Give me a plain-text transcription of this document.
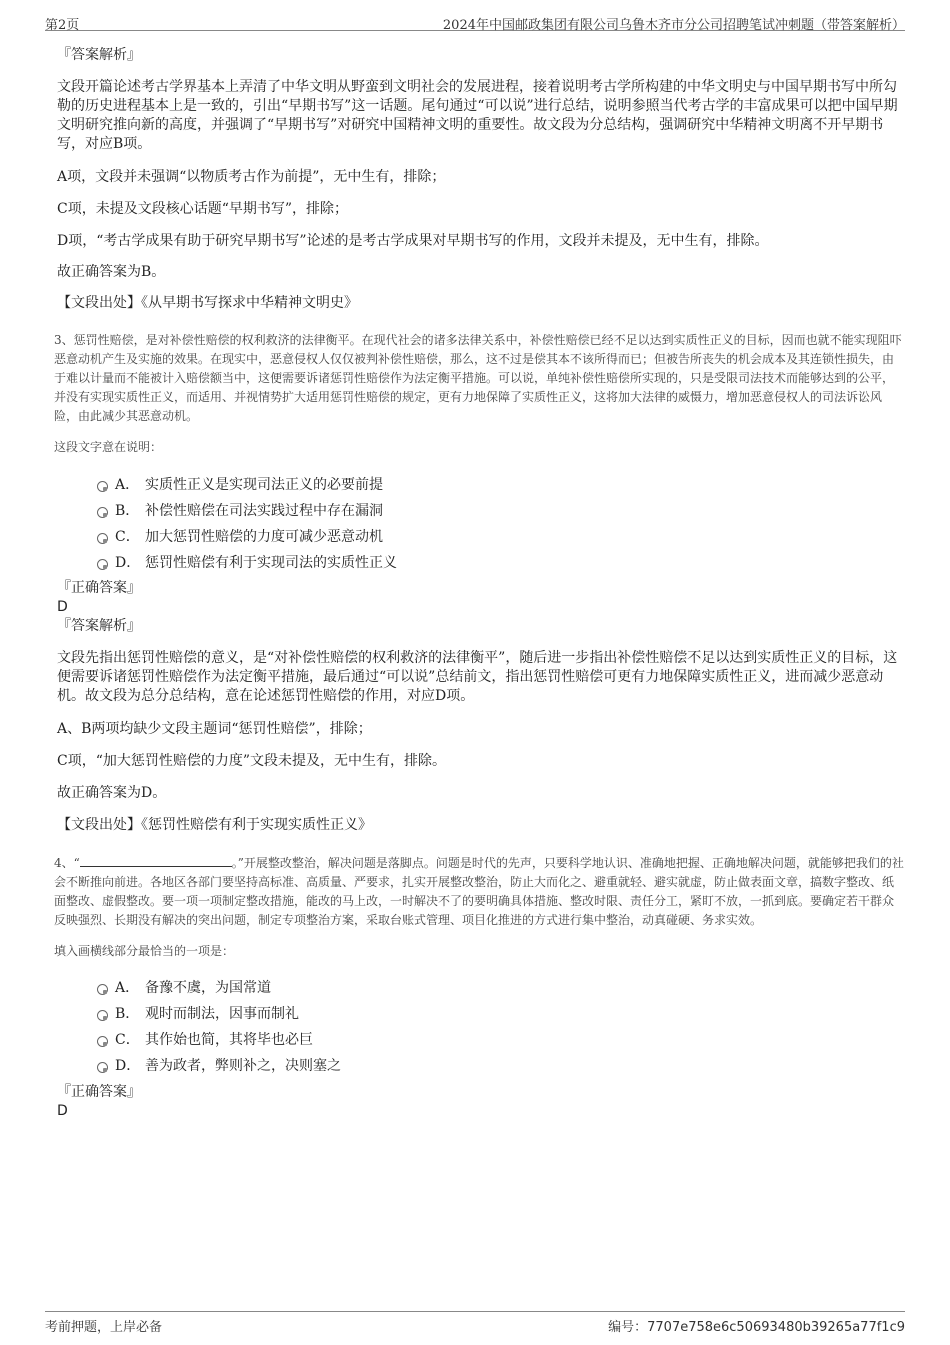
第2页	2024年中国邮政集团有限公司乌鲁木齐市分公司招聘笔试冲刺题（带答案解析）

『答案解析』

文段开篇论述考古学界基本上弄清了中华文明从野蛮到文明社会的发展进程，接着说明考古学所构建的中华文明史与中国早期书写中所勾勒的历史进程基本上是一致的，引出“早期书写”这一话题。尾句通过“可以说”进行总结，说明参照当代考古学的丰富成果可以把中国早期文明研究推向新的高度，并强调了“早期书写”对研究中国精神文明的重要性。故文段为分总结构，强调研究中华精神文明离不开早期书写，对应B项。

A项，文段并未强调“以物质考古作为前提”，无中生有，排除；

C项，未提及文段核心话题“早期书写”，排除；

D项，“考古学成果有助于研究早期书写”论述的是考古学成果对早期书写的作用，文段并未提及，无中生有，排除。

故正确答案为B。

【文段出处】《从早期书写探求中华精神文明史》

3、惩罚性赔偿，是对补偿性赔偿的权利救济的法律衡平。在现代社会的诸多法律关系中，补偿性赔偿已经不足以达到实质性正义的目标，因而也就不能实现阻吓恶意动机产生及实施的效果。在现实中，恶意侵权人仅仅被判补偿性赔偿，那么，这不过是偿其本不该所得而已；但被告所丧失的机会成本及其连锁性损失，由于难以计量而不能被计入赔偿额当中，这便需要诉诸惩罚性赔偿作为法定衡平措施。可以说，单纯补偿性赔偿所实现的，只是受限司法技术而能够达到的公平，并没有实现实质性正义，而适用、并视情势扩大适用惩罚性赔偿的规定，更有力地保障了实质性正义，这将加大法律的威慑力，增加恶意侵权人的司法诉讼风险，由此减少其恶意动机。

这段文字意在说明：

A． 实质性正义是实现司法正义的必要前提
B． 补偿性赔偿在司法实践过程中存在漏洞
C． 加大惩罚性赔偿的力度可减少恶意动机
D． 惩罚性赔偿有利于实现司法的实质性正义

『正确答案』

D

『答案解析』

文段先指出惩罚性赔偿的意义，是“对补偿性赔偿的权利救济的法律衡平”，随后进一步指出补偿性赔偿不足以达到实质性正义的目标，这便需要诉诸惩罚性赔偿作为法定衡平措施，最后通过“可以说”总结前文，指出惩罚性赔偿可更有力地保障实质性正义，进而减少恶意动机。故文段为总分总结构，意在论述惩罚性赔偿的作用，对应D项。

A、B两项均缺少文段主题词“惩罚性赔偿”，排除；

C项，“加大惩罚性赔偿的力度”文段未提及，无中生有，排除。

故正确答案为D。

【文段出处】《惩罚性赔偿有利于实现实质性正义》

4、“	。”开展整改整治，解决问题是落脚点。问题是时代的先声，只要科学地认识、准确地把握、正确地解决问题，就能够把我们的社会不断推向前进。各地区各部门要坚持高标准、高质量、严要求，扎实开展整改整治，防止大而化之、避重就轻、避实就虚，防止做表面文章，搞数字整改、纸面整改、虚假整改。要一项一项制定整改措施，能改的马上改，一时解决不了的要明确具体措施、整改时限、责任分工，紧盯不放，一抓到底。要确定若干群众反映强烈、长期没有解决的突出问题，制定专项整治方案，采取台账式管理、项目化推进的方式进行集中整治，动真碰硬、务求实效。

填入画横线部分最恰当的一项是：

A． 备豫不虞，为国常道
B． 观时而制法，因事而制礼
C． 其作始也简，其将毕也必巨
D． 善为政者，弊则补之，决则塞之

『正确答案』

D

考前押题，上岸必备	编号：7707e758e6c50693480b39265a77f1c9
